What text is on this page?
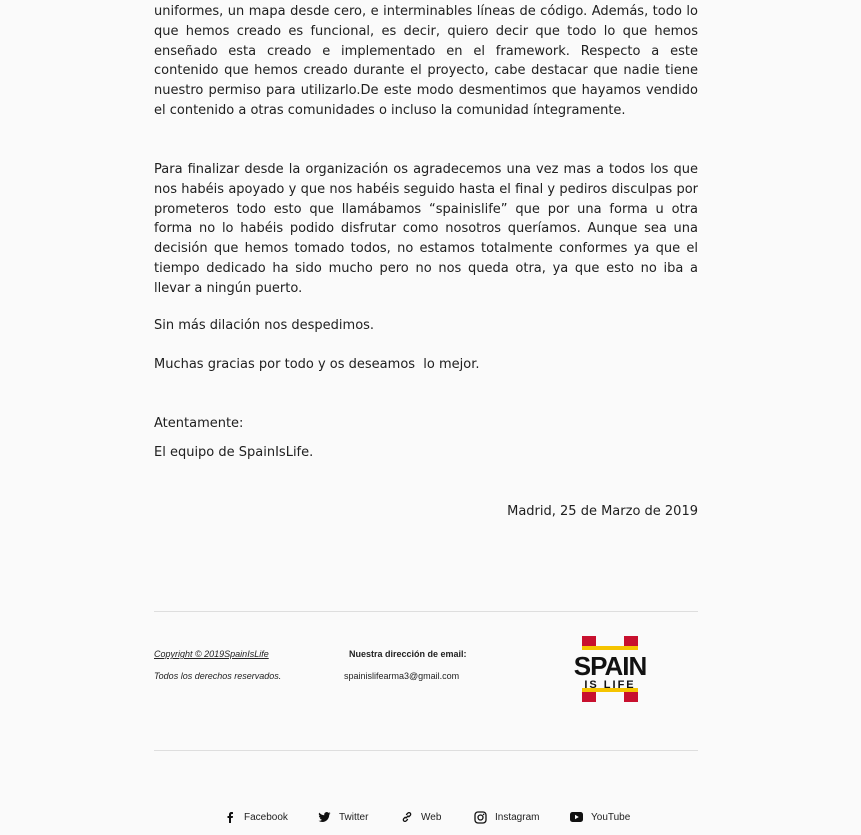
uniformes, un mapa desde cero, e interminables líneas de código. Además, todo lo que hemos creado es funcional, es decir, quiero decir que todo lo que hemos enseñado esta creado e implementado en el framework. Respecto a este contenido que hemos creado durante el proyecto, cabe destacar que nadie tiene nuestro permiso para utilizarlo.De este modo desmentimos que hayamos vendido el contenido a otras comunidades o incluso la comunidad íntegramente.

Para finalizar desde la organización os agradecemos una vez mas a todos los que nos habéis apoyado y que nos habéis seguido hasta el final y pediros disculpas por prometeros todo esto que llamábamos “spainislife” que por una forma u otra forma no lo habéis podido disfrutar como nosotros queríamos. Aunque sea una decisión que hemos tomado todos, no estamos totalmente conformes ya que el tiempo dedicado ha sido mucho pero no nos queda otra, ya que esto no iba a llevar a ningún puerto.

Sin más dilación nos despedimos.
Muchas gracias por todo y os deseamos  lo mejor.
Atentamente:
El equipo de SpainIsLife.
Madrid, 25 de Marzo de 2019
Copyright © 2019SpainIsLife
Todos los derechos reservados.
Nuestra dirección de email:
spainislifearma3@gmail.com	SPAIN
IS LIFE
Facebook	Twitter	Web	Instagram	YouTube
